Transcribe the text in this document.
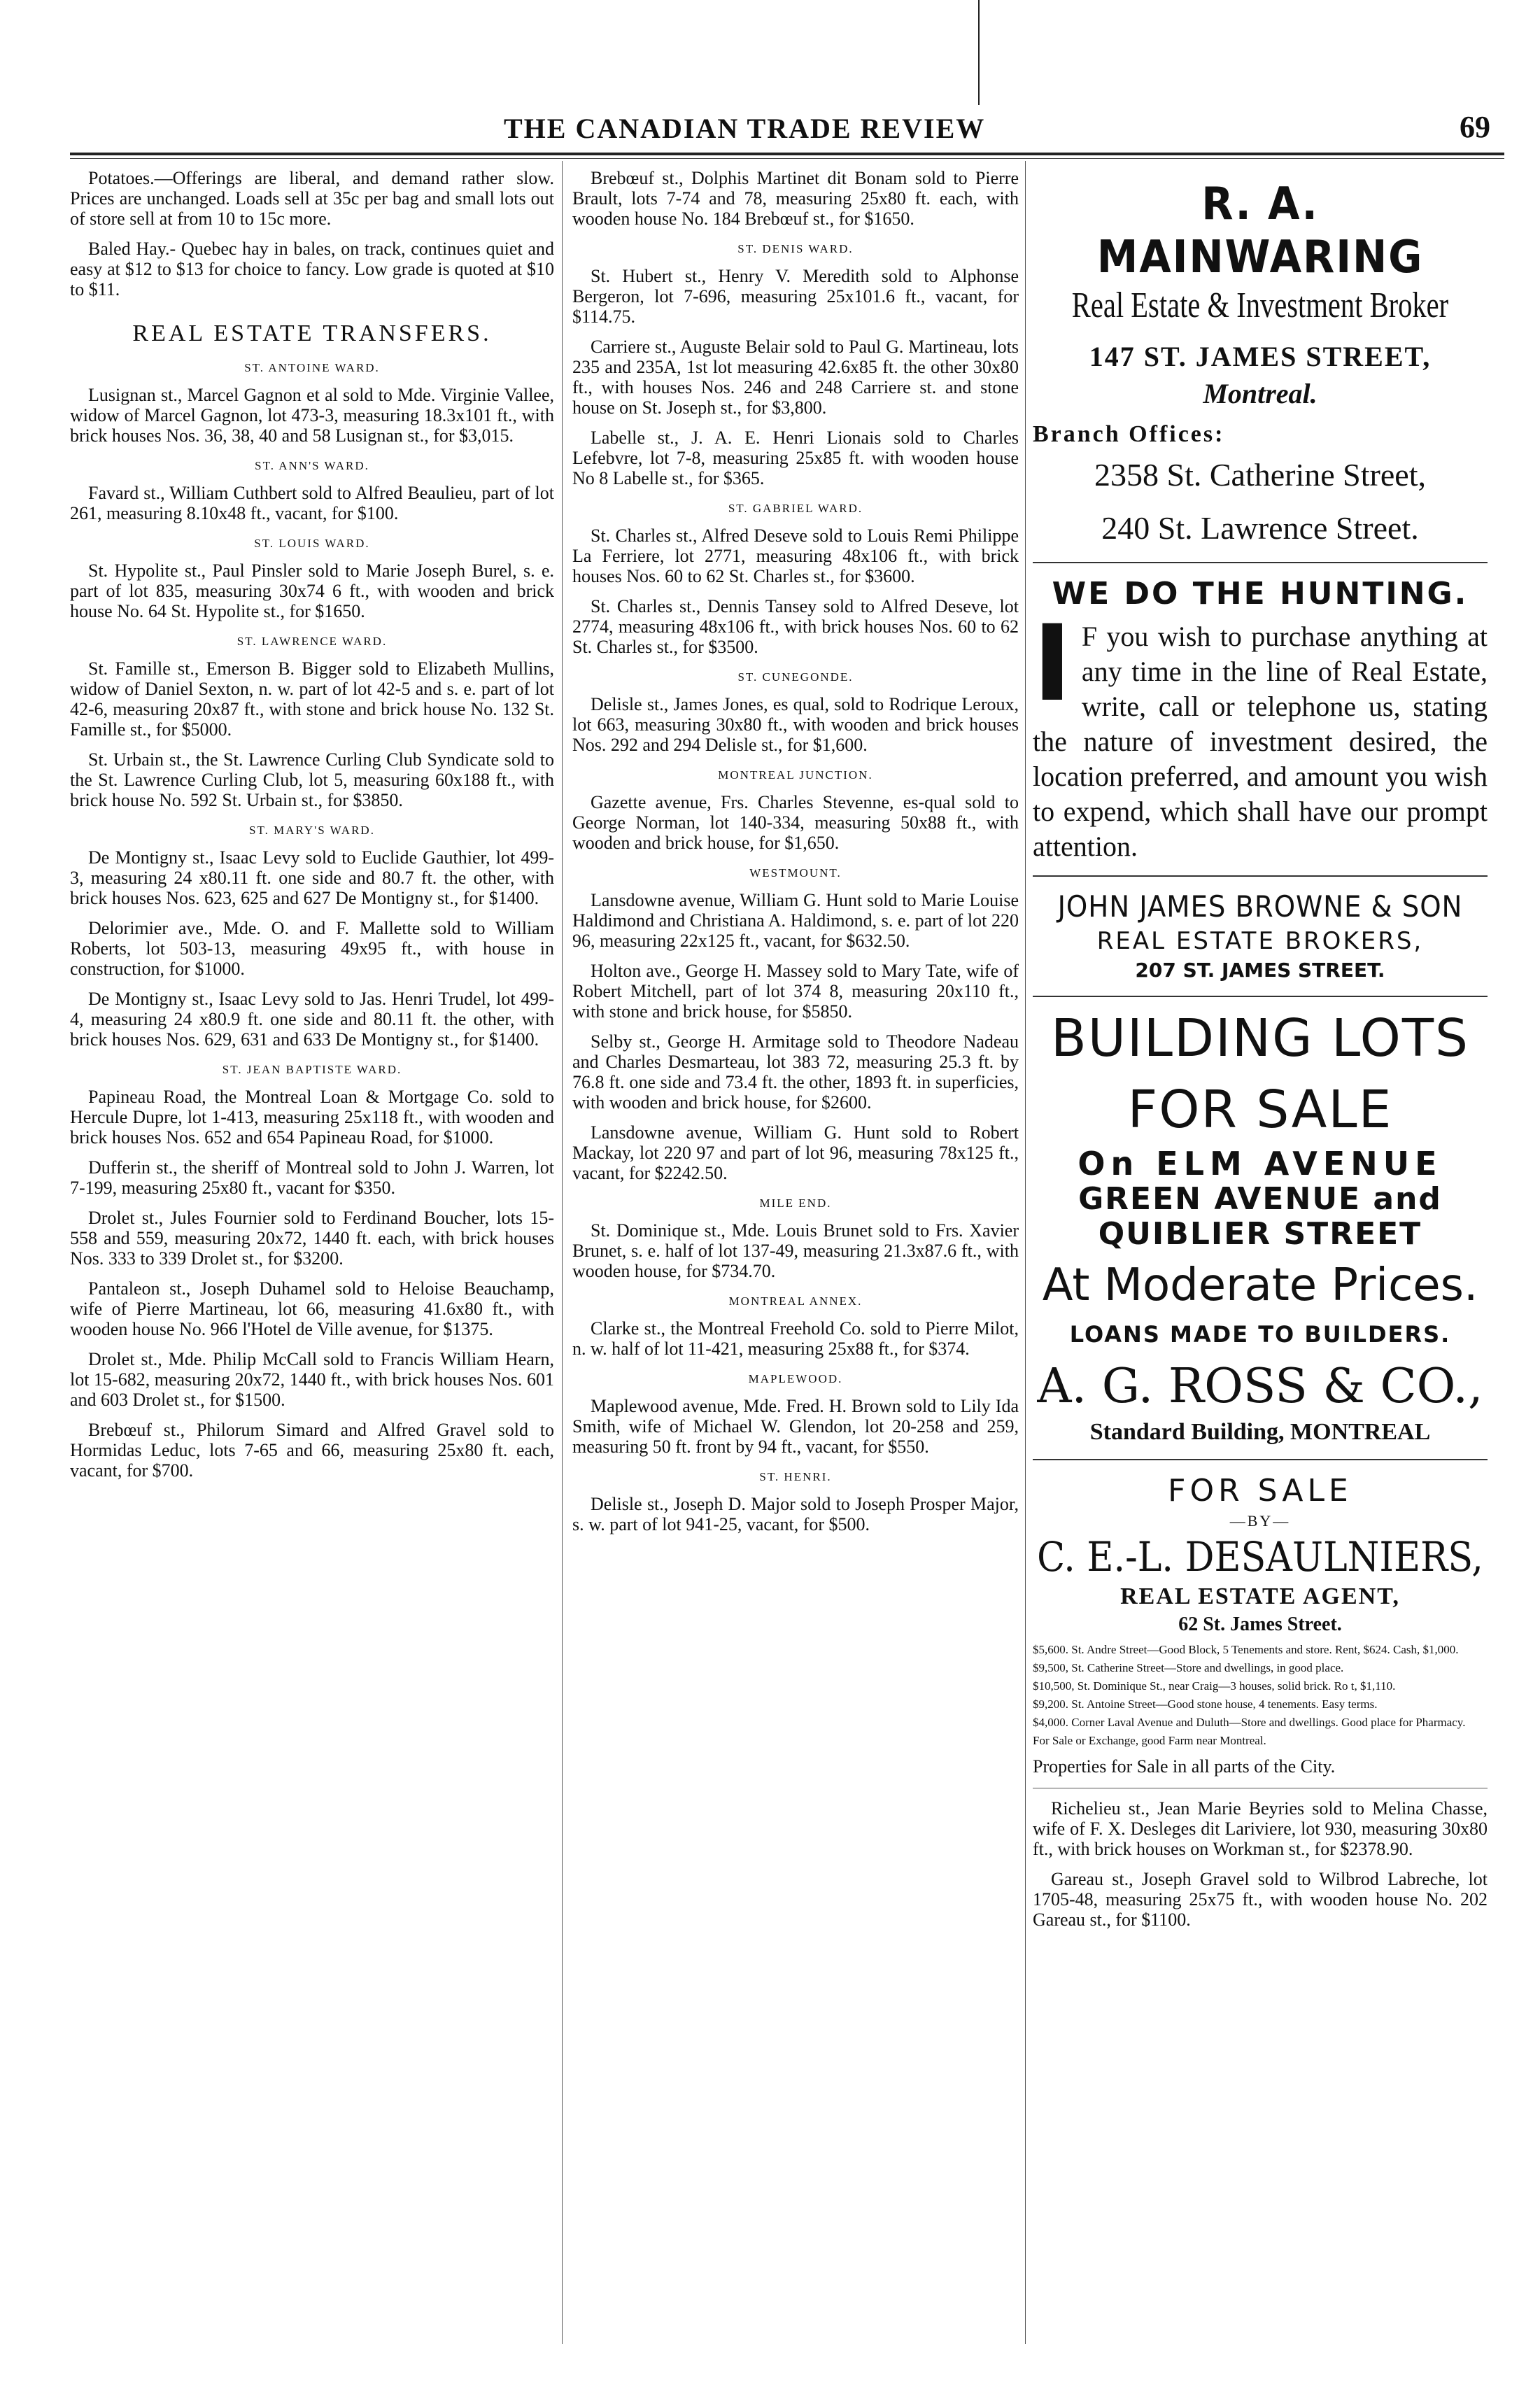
THE CANADIAN TRADE REVIEW	69

Potatoes.—Offerings are liberal, and demand rather slow. Prices are unchanged. Loads sell at 35c per bag and small lots out of store sell at from 10 to 15c more.

Baled Hay.- Quebec hay in bales, on track, continues quiet and easy at $12 to $13 for choice to fancy. Low grade is quoted at $10 to $11.

REAL ESTATE TRANSFERS.
ST. ANTOINE WARD.

Lusignan st., Marcel Gagnon et al sold to Mde. Virginie Vallee, widow of Marcel Gagnon, lot 473-3, measuring 18.3x101 ft., with brick houses Nos. 36, 38, 40 and 58 Lusignan st., for $3,015.

ST. ANN'S WARD.

Favard st., William Cuthbert sold to Alfred Beaulieu, part of lot 261, measuring 8.10x48 ft., vacant, for $100.

ST. LOUIS WARD.

St. Hypolite st., Paul Pinsler sold to Marie Joseph Burel, s. e. part of lot 835, measuring 30x74 6 ft., with wooden and brick house No. 64 St. Hypolite st., for $1650.

ST. LAWRENCE WARD.

St. Famille st., Emerson B. Bigger sold to Elizabeth Mullins, widow of Daniel Sexton, n. w. part of lot 42-5 and s. e. part of lot 42-6, measuring 20x87 ft., with stone and brick house No. 132 St. Famille st., for $5000.

St. Urbain st., the St. Lawrence Curling Club Syndicate sold to the St. Lawrence Curling Club, lot 5, measuring 60x188 ft., with brick house No. 592 St. Urbain st., for $3850.

ST. MARY'S WARD.

De Montigny st., Isaac Levy sold to Euclide Gauthier, lot 499-3, measuring 24 x80.11 ft. one side and 80.7 ft. the other, with brick houses Nos. 623, 625 and 627 De Montigny st., for $1400.

Delorimier ave., Mde. O. and F. Mallette sold to William Roberts, lot 503-13, measuring 49x95 ft., with house in construction, for $1000.

De Montigny st., Isaac Levy sold to Jas. Henri Trudel, lot 499-4, measuring 24 x80.9 ft. one side and 80.11 ft. the other, with brick houses Nos. 629, 631 and 633 De Montigny st., for $1400.

ST. JEAN BAPTISTE WARD.

Papineau Road, the Montreal Loan & Mortgage Co. sold to Hercule Dupre, lot 1-413, measuring 25x118 ft., with wooden and brick houses Nos. 652 and 654 Papineau Road, for $1000.

Dufferin st., the sheriff of Montreal sold to John J. Warren, lot 7-199, measuring 25x80 ft., vacant for $350.

Drolet st., Jules Fournier sold to Ferdinand Boucher, lots 15-558 and 559, measuring 20x72, 1440 ft. each, with brick houses Nos. 333 to 339 Drolet st., for $3200.

Pantaleon st., Joseph Duhamel sold to Heloise Beauchamp, wife of Pierre Martineau, lot 66, measuring 41.6x80 ft., with wooden house No. 966 l'Hotel de Ville avenue, for $1375.

Drolet st., Mde. Philip McCall sold to Francis William Hearn, lot 15-682, measuring 20x72, 1440 ft., with brick houses Nos. 601 and 603 Drolet st., for $1500.

Brebœuf st., Philorum Simard and Alfred Gravel sold to Hormidas Leduc, lots 7-65 and 66, measuring 25x80 ft. each, vacant, for $700.

Brebœuf st., Dolphis Martinet dit Bonam sold to Pierre Brault, lots 7-74 and 78, measuring 25x80 ft. each, with wooden house No. 184 Brebœuf st., for $1650.

ST. DENIS WARD.

St. Hubert st., Henry V. Meredith sold to Alphonse Bergeron, lot 7-696, measuring 25x101.6 ft., vacant, for $114.75.

Carriere st., Auguste Belair sold to Paul G. Martineau, lots 235 and 235A, 1st lot measuring 42.6x85 ft. the other 30x80 ft., with houses Nos. 246 and 248 Carriere st. and stone house on St. Joseph st., for $3,800.

Labelle st., J. A. E. Henri Lionais sold to Charles Lefebvre, lot 7-8, measuring 25x85 ft. with wooden house No 8 Labelle st., for $365.

ST. GABRIEL WARD.

St. Charles st., Alfred Deseve sold to Louis Remi Philippe La Ferriere, lot 2771, measuring 48x106 ft., with brick houses Nos. 60 to 62 St. Charles st., for $3600.

St. Charles st., Dennis Tansey sold to Alfred Deseve, lot 2774, measuring 48x106 ft., with brick houses Nos. 60 to 62 St. Charles st., for $3500.

ST. CUNEGONDE.

Delisle st., James Jones, es qual, sold to Rodrique Leroux, lot 663, measuring 30x80 ft., with wooden and brick houses Nos. 292 and 294 Delisle st., for $1,600.

MONTREAL JUNCTION.

Gazette avenue, Frs. Charles Stevenne, es-qual sold to George Norman, lot 140-334, measuring 50x88 ft., with wooden and brick house, for $1,650.

WESTMOUNT.

Lansdowne avenue, William G. Hunt sold to Marie Louise Haldimond and Christiana A. Haldimond, s. e. part of lot 220 96, measuring 22x125 ft., vacant, for $632.50.

Holton ave., George H. Massey sold to Mary Tate, wife of Robert Mitchell, part of lot 374 8, measuring 20x110 ft., with stone and brick house, for $5850.

Selby st., George H. Armitage sold to Theodore Nadeau and Charles Desmarteau, lot 383 72, measuring 25.3 ft. by 76.8 ft. one side and 73.4 ft. the other, 1893 ft. in superficies, with wooden and brick house, for $2600.

Lansdowne avenue, William G. Hunt sold to Robert Mackay, lot 220 97 and part of lot 96, measuring 78x125 ft., vacant, for $2242.50.

MILE END.

St. Dominique st., Mde. Louis Brunet sold to Frs. Xavier Brunet, s. e. half of lot 137-49, measuring 21.3x87.6 ft., with wooden house, for $734.70.

MONTREAL ANNEX.

Clarke st., the Montreal Freehold Co. sold to Pierre Milot, n. w. half of lot 11-421, measuring 25x88 ft., for $374.

MAPLEWOOD.

Maplewood avenue, Mde. Fred. H. Brown sold to Lily Ida Smith, wife of Michael W. Glendon, lot 20-258 and 259, measuring 50 ft. front by 94 ft., vacant, for $550.

ST. HENRI.

Delisle st., Joseph D. Major sold to Joseph Prosper Major, s. w. part of lot 941-25, vacant, for $500.

R. A. MAINWARING
Real Estate & Investment Broker
147 ST. JAMES STREET,
Montreal.
Branch Offices:
2358 St. Catherine Street,
240 St. Lawrence Street.
WE DO THE HUNTING.
I F you wish to purchase anything at any time in the line of Real Estate, write, call or telephone us, stating the nature of investment desired, the location preferred, and amount you wish to expend, which shall have our prompt attention.
JOHN JAMES BROWNE & SON
REAL ESTATE BROKERS,
207 ST. JAMES STREET.
BUILDING LOTS
FOR SALE
On ELM AVENUE
GREEN AVENUE and
QUIBLIER STREET
At Moderate Prices.
LOANS MADE TO BUILDERS.
A. G. ROSS & CO.,
Standard Building, MONTREAL
FOR SALE
—BY—
C. E.-L. DESAULNIERS,
REAL ESTATE AGENT,
62 St. James Street.
$5,600. St. Andre Street—Good Block, 5 Tenements and store. Rent, $624. Cash, $1,000.
$9,500, St. Catherine Street—Store and dwellings, in good place.
$10,500, St. Dominique St., near Craig—3 houses, solid brick. Ro t, $1,110.
$9,200. St. Antoine Street—Good stone house, 4 tenements. Easy terms.
$4,000. Corner Laval Avenue and Duluth—Store and dwellings. Good place for Pharmacy.
For Sale or Exchange, good Farm near Montreal.
Properties for Sale in all parts of the City.

Richelieu st., Jean Marie Beyries sold to Melina Chasse, wife of F. X. Desleges dit Lariviere, lot 930, measuring 30x80 ft., with brick houses on Workman st., for $2378.90.

Gareau st., Joseph Gravel sold to Wilbrod Labreche, lot 1705-48, measuring 25x75 ft., with wooden house No. 202 Gareau st., for $1100.
